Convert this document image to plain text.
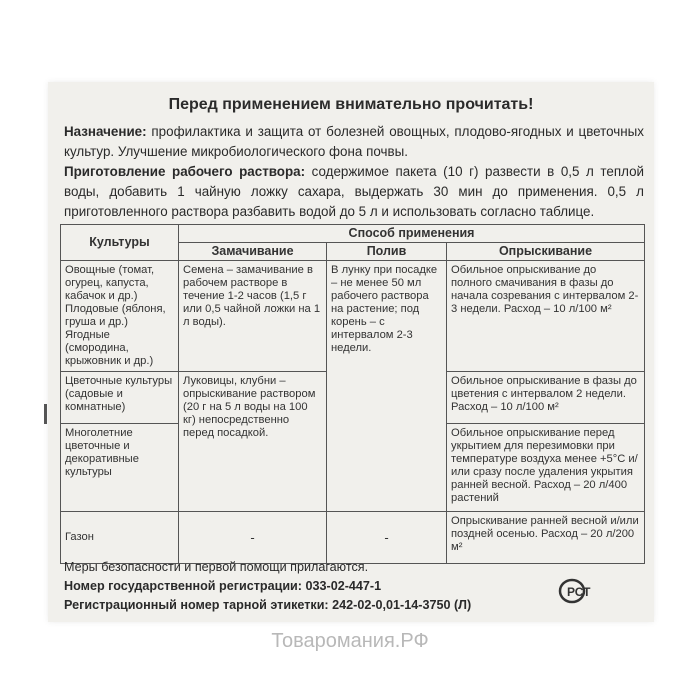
Перед применением внимательно прочитать!
Назначение: профилактика и защита от болезней овощных, плодово-ягодных и цветочных культур. Улучшение микробиологического фона почвы.
Приготовление рабочего раствора: содержимое пакета (10 г) развести в 0,5 л теплой воды, добавить 1 чайную ложку сахара, выдержать 30 мин до применения. 0,5 л приготовленного раствора разбавить водой до 5 л и использовать согласно таблице.
Культуры	Способ применения		
	Замачивание	Полив	Опрыскивание
Овощные (томат, огурец, капуста, кабачок и др.) Плодовые (яблоня, груша и др.) Ягодные (смородина, крыжовник и др.)	Семена – замачивание в рабочем растворе в течение 1-2 часов (1,5 г или 0,5 чайной ложки на 1 л воды).	В лунку при посадке – не менее 50 мл рабочего раствора на растение; под корень – с интервалом 2-3 недели.	Обильное опрыскивание до полного смачивания в фазы до начала созревания с интервалом 2-3 недели. Расход – 10 л/100 м²
Цветочные культуры (садовые и комнатные)	Луковицы, клубни – опрыскивание раствором (20 г на 5 л воды на 100 кг) непосредственно перед посадкой.		Обильное опрыскивание в фазы до цветения с интервалом 2 недели. Расход – 10 л/100 м²
Многолетние цветочные и декоративные культуры			Обильное опрыскивание перед укрытием для перезимовки при температуре воздуха менее +5°С и/или сразу после удаления укрытия ранней весной. Расход – 20 л/400 растений
Газон	-	-	Опрыскивание ранней весной и/или поздней осенью. Расход – 20 л/200 м²
Меры безопасности и первой помощи прилагаются.
Номер государственной регистрации: 033-02-447-1
Регистрационный номер тарной этикетки: 242-02-0,01-14-3750 (Л)
РСТ
Товаромания.РФ
